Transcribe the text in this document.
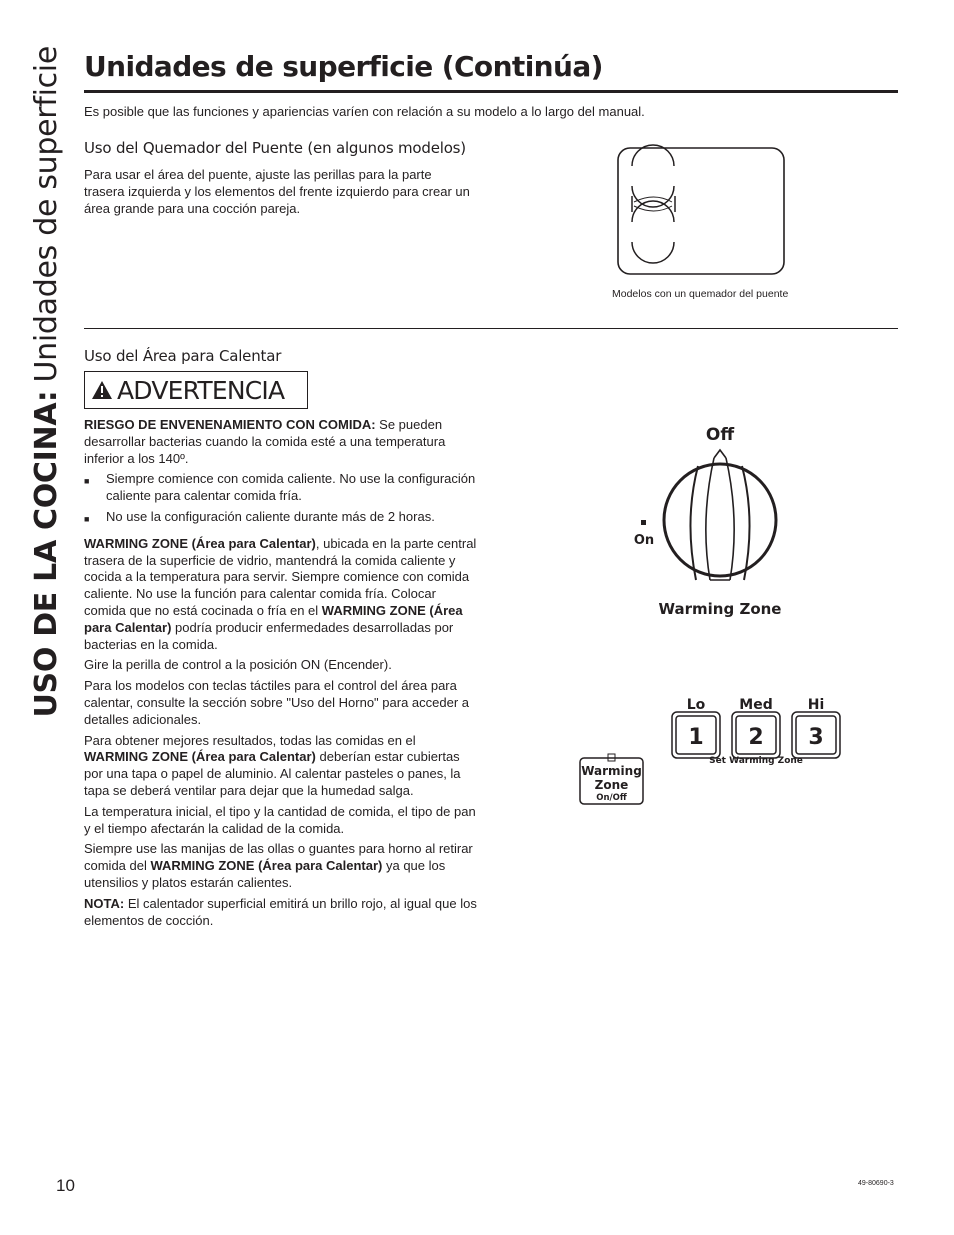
USO DE LA COCINA:
Unidades de superficie Unidades de superficie (Continúa)
Es posible que las funciones y apariencias varíen con relación a su modelo a lo largo del manual.
Uso del Quemador del Puente (en algunos modelos)

Para usar el área del puente, ajuste las perillas para la parte trasera izquierda y los elementos del frente izquierdo para crear un área grande para una cocción pareja.

Modelos con un quemador del puente
Uso del Área para Calentar
ADVERTENCIA

RIESGO DE ENVENENAMIENTO CON COMIDA: Se pueden desarrollar bacterias cuando la comida esté a una temperatura inferior a los 140º.

■	Siempre comience con comida caliente. No use la configuración caliente para calentar comida fría.
■	No use la configuración caliente durante más de 2 horas.

WARMING ZONE (Área para Calentar), ubicada en la parte central trasera de la superficie de vidrio, mantendrá la comida caliente y cocida a la temperatura para servir. Siempre comience con comida caliente. No use la función para calentar comida fría. Colocar comida que no está cocinada o fría en el WARMING ZONE (Área para Calentar) podría producir enfermedades desarrolladas por bacterias en la comida.

Gire la perilla de control a la posición ON (Encender).

Para los modelos con teclas táctiles para el control del área para calentar, consulte la sección sobre "Uso del Horno" para acceder a detalles adicionales.

Para obtener mejores resultados, todas las comidas en el WARMING ZONE (Área para Calentar) deberían estar cubiertas por una tapa o papel de aluminio. Al calentar pasteles o panes, la tapa se deberá ventilar para dejar que la humedad salga.

La temperatura inicial, el tipo y la cantidad de comida, el tipo de pan y el tiempo afectarán la calidad de la comida.

Siempre use las manijas de las ollas o guantes para horno al retirar comida del WARMING ZONE (Área para Calentar) ya que los utensilios y platos estarán calientes.

NOTA: El calentador superficial emitirá un brillo rojo, al igual que los elementos de cocción.

Off
On
Warming Zone
Lo Med	Hi
1 2 3
Set Warming Zone
Warming
Zone
On/Off
10	49-80690-3
